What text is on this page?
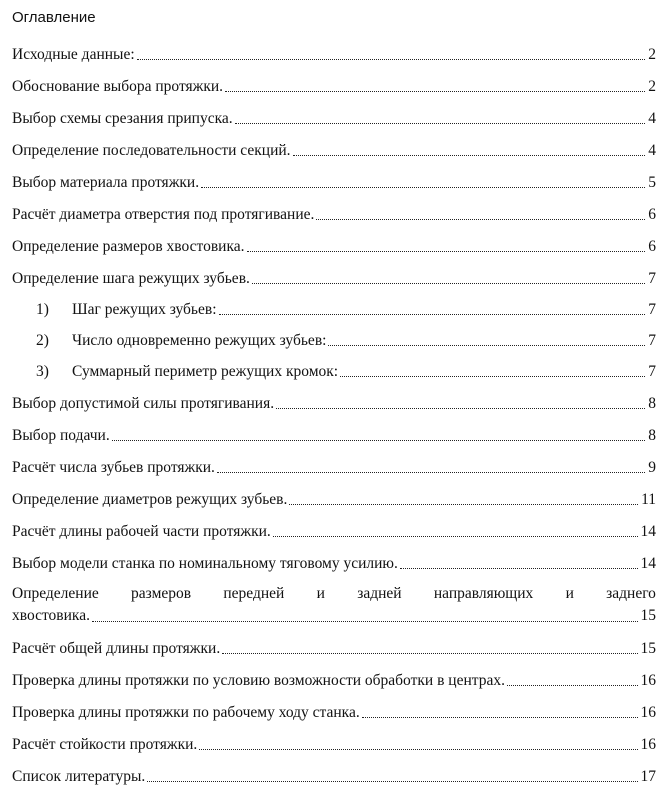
Оглавление
Исходные данные:	2
Обоснование выбора протяжки.	2
Выбор схемы срезания припуска.	4
Определение последовательности секций.	4
Выбор материала протяжки.	5
Расчёт диаметра отверстия под протягивание.	6
Определение размеров хвостовика.	6
Определение шага режущих зубьев.	7
1)	Шаг режущих зубьев:	7
2)	Число одновременно режущих зубьев:	7
3)	Суммарный периметр режущих кромок:	7
Выбор допустимой силы протягивания.	8
Выбор подачи.	8
Расчёт числа зубьев протяжки.	9
Определение диаметров режущих зубьев.	11
Расчёт длины рабочей части протяжки.	14
Выбор модели станка по номинальному тяговому усилию.	14
Определение размеров передней и задней направляющих и заднего
хвостовика.	15
Расчёт общей длины протяжки.	15
Проверка длины протяжки по условию возможности обработки в центрах.	16
Проверка длины протяжки по рабочему ходу станка.	16
Расчёт стойкости протяжки.	16
Список литературы.	17
